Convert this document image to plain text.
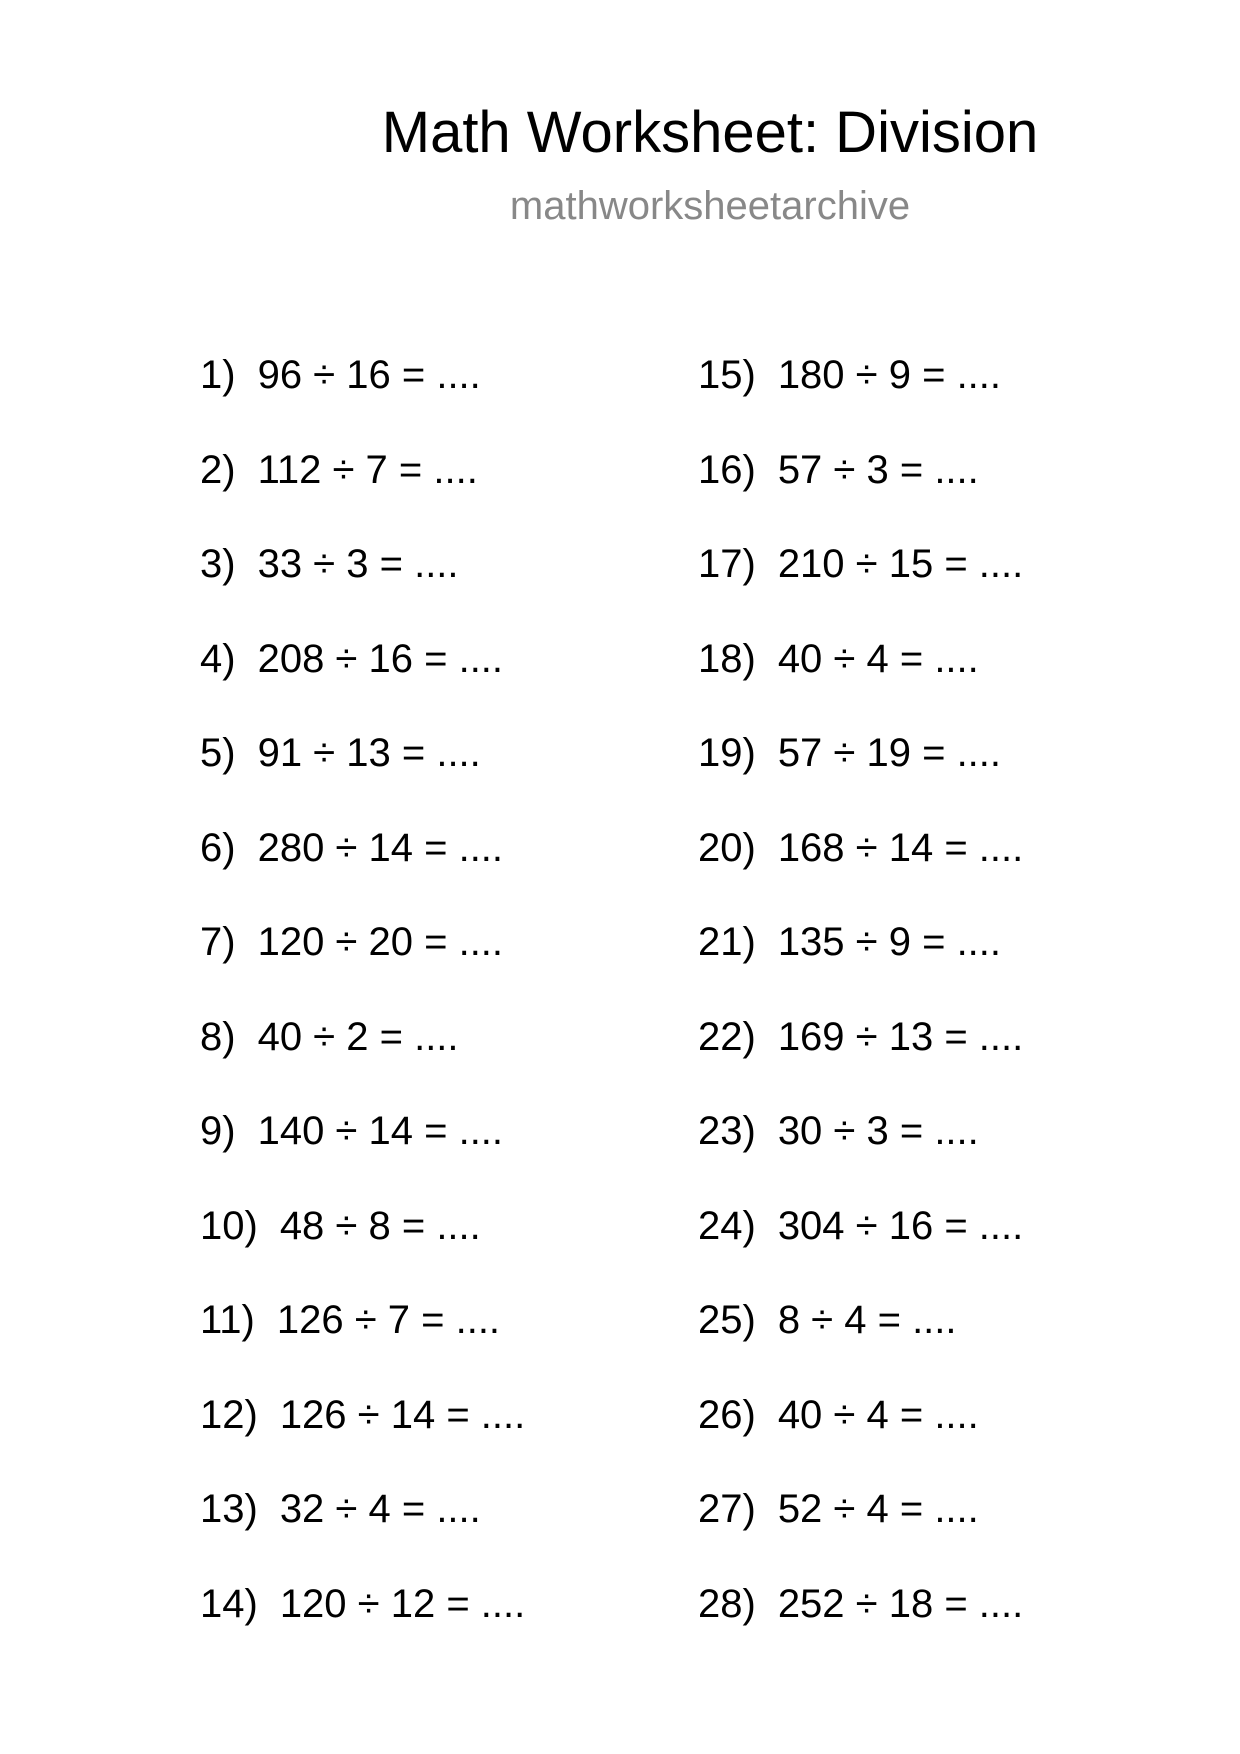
Math Worksheet: Division
mathworksheetarchive
1) 96 ÷ 16 = ....
2) 112 ÷ 7 = ....
3) 33 ÷ 3 = ....
4) 208 ÷ 16 = ....
5) 91 ÷ 13 = ....
6) 280 ÷ 14 = ....
7) 120 ÷ 20 = ....
8) 40 ÷ 2 = ....
9) 140 ÷ 14 = ....
10) 48 ÷ 8 = ....
11) 126 ÷ 7 = ....
12) 126 ÷ 14 = ....
13) 32 ÷ 4 = ....
14) 120 ÷ 12 = ....
15) 180 ÷ 9 = ....
16) 57 ÷ 3 = ....
17) 210 ÷ 15 = ....
18) 40 ÷ 4 = ....
19) 57 ÷ 19 = ....
20) 168 ÷ 14 = ....
21) 135 ÷ 9 = ....
22) 169 ÷ 13 = ....
23) 30 ÷ 3 = ....
24) 304 ÷ 16 = ....
25) 8 ÷ 4 = ....
26) 40 ÷ 4 = ....
27) 52 ÷ 4 = ....
28) 252 ÷ 18 = ....
